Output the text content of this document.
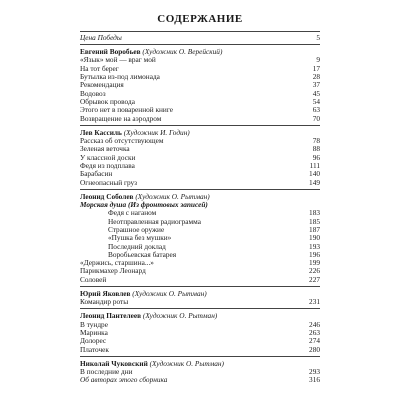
СОДЕРЖАНИЕ
Цена Победы	5
Евгений Воробьев (Художник О. Верейский)
«Язык» мой — враг мой	9
На тот берег	17
Бутылка из-под лимонада	28
Рекомендация	37
Водовоз	45
Обрывок провода	54
Этого нет в поваренной книге	63
Возвращение на аэродром	70
Лев Кассиль (Художник И. Годин)
Рассказ об отсутствующем	78
Зеленая веточка	88
У классной доски	96
Федя из подплава	111
Барабасин	140
Огнеопасный груз	149
Леонид Соболев (Художник О. Рытман)
Морская душа (Из фронтовых записей)
Федя с наганом	183
Неотправленная радиограмма	185
Страшное оружие	187
«Пушка без мушки»	190
Последний доклад	193
Воробьевская батарея	196
«Держись, старшина...»	199
Парикмахер Леонард	226
Соловей	227
Юрий Яковлев (Художник О. Рытман)
Командир роты	231
Леонид Пантелеев (Художник О. Рытман)
В тундре	246
Маринка	263
Долорес	274
Платочек	280
Николай Чуковский (Художник О. Рытман)
В последние дни	293
Об авторах этого сборника	316
